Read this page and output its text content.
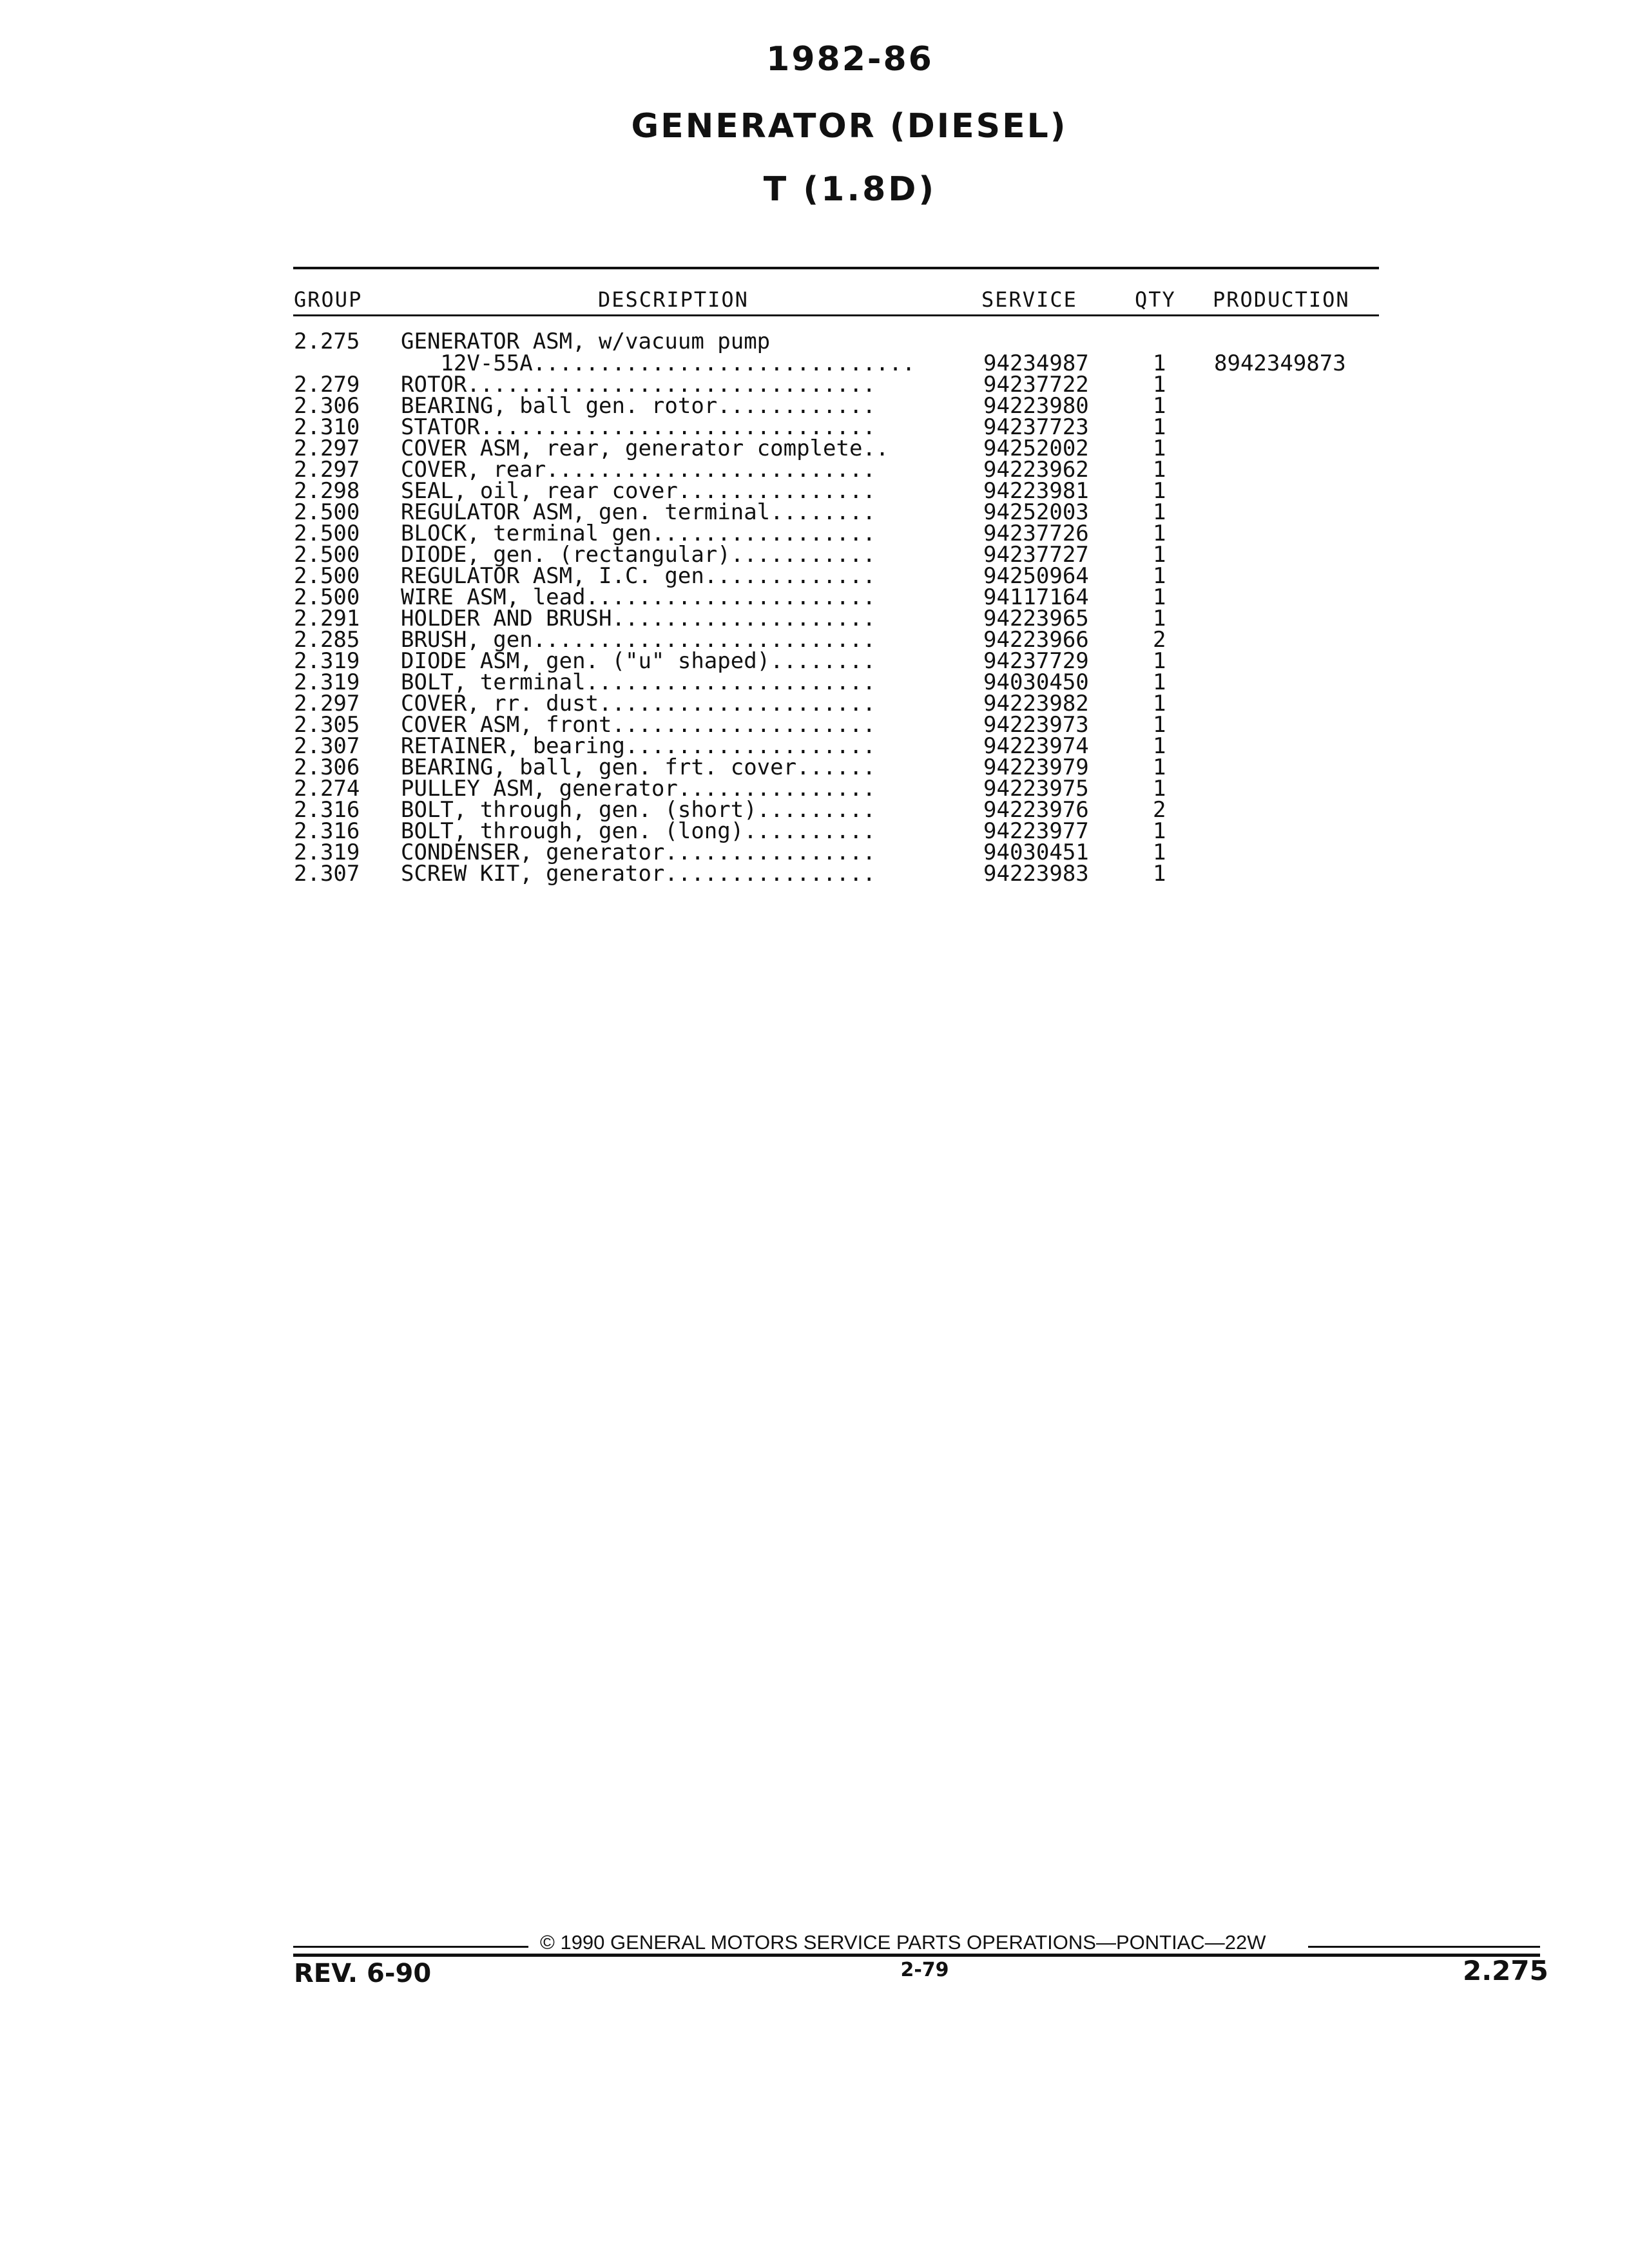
1982-86
GENERATOR (DIESEL)
T (1.8D)
GROUP	DESCRIPTION	SERVICE	QTY PRODUCTION
2.275 GENERATOR ASM, w/vacuum pump
12V-55A.............................	94234987	1 8942349873
2.279 ROTOR...............................	94237722	1
2.306 BEARING, ball gen. rotor............	94223980	1
2.310 STATOR..............................	94237723	1
2.297 COVER ASM, rear, generator complete..	94252002	1
2.297 COVER, rear.........................	94223962	1
2.298 SEAL, oil, rear cover...............	94223981	1
2.500 REGULATOR ASM, gen. terminal........	94252003	1
2.500 BLOCK, terminal gen.................	94237726	1
2.500 DIODE, gen. (rectangular)...........	94237727	1
2.500 REGULATOR ASM, I.C. gen.............	94250964	1
2.500 WIRE ASM, lead......................	94117164	1
2.291 HOLDER AND BRUSH....................	94223965	1
2.285 BRUSH, gen..........................	94223966	2
2.319 DIODE ASM, gen. ("u" shaped)........	94237729	1
2.319 BOLT, terminal......................	94030450	1
2.297 COVER, rr. dust.....................	94223982	1
2.305 COVER ASM, front....................	94223973	1
2.307 RETAINER, bearing...................	94223974	1
2.306 BEARING, ball, gen. frt. cover......	94223979	1
2.274 PULLEY ASM, generator...............	94223975	1
2.316 BOLT, through, gen. (short).........	94223976	2
2.316 BOLT, through, gen. (long)..........	94223977	1
2.319 CONDENSER, generator................	94030451	1
2.307 SCREW KIT, generator................	94223983	1
© 1990 GENERAL MOTORS SERVICE PARTS OPERATIONS—PONTIAC—22W
REV. 6-90	2-79	2.275
